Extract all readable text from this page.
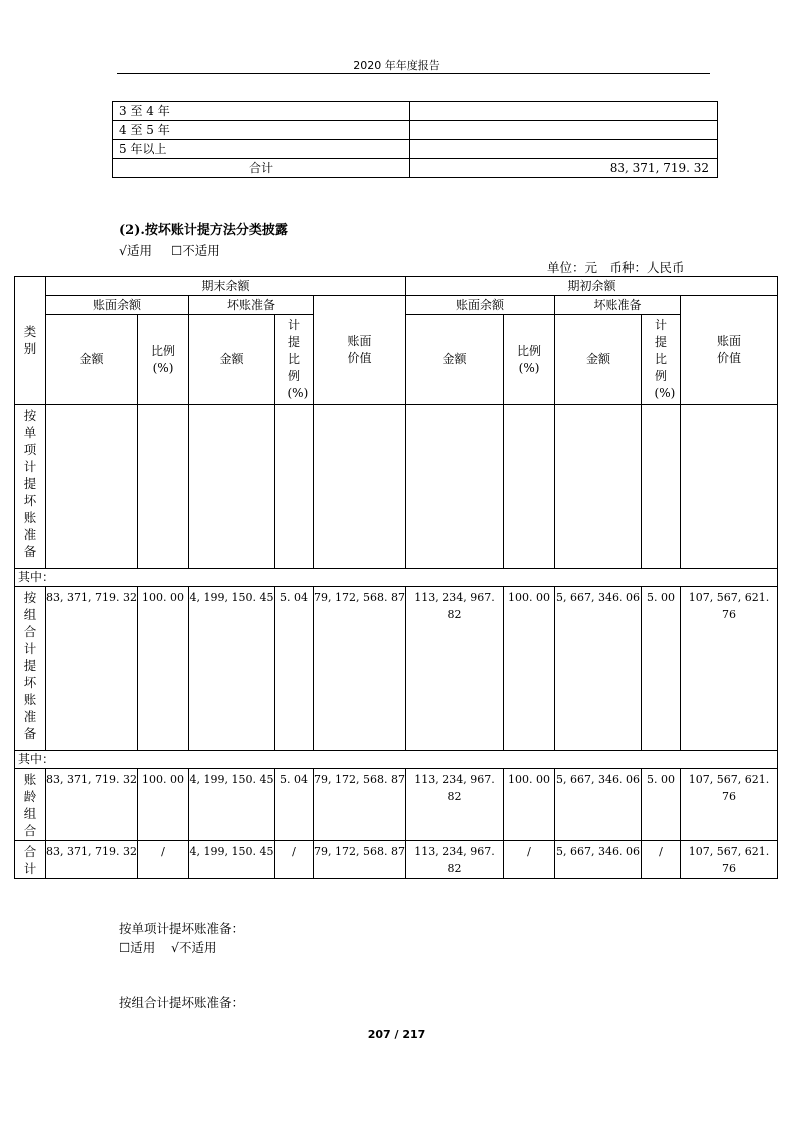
2020 年年度报告
3 至 4 年	
4 至 5 年	
5 年以上	
合计	83, 371, 719. 32
(2).按坏账计提方法分类披露
√适用 ☐不适用
单位：元　币种：人民币
类别	期末余额					期初余额				
	账面余额		坏账准备		账面价值	账面余额		坏账准备		账面价值
	金额	比例(%)	金额	计提比例(%)		金额	比例(%)	金额	计提比例(%)	
按单项计提坏账准备										
其中：										
按组合计提坏账准备	83, 371, 719. 32	100. 00	4, 199, 150. 45	5. 04	79, 172, 568. 87	113, 234, 967. 82	100. 00	5, 667, 346. 06	5. 00	107, 567, 621. 76
其中：										
账龄组合	83, 371, 719. 32	100. 00	4, 199, 150. 45	5. 04	79, 172, 568. 87	113, 234, 967. 82	100. 00	5, 667, 346. 06	5. 00	107, 567, 621. 76
合计	83, 371, 719. 32	/	4, 199, 150. 45	/	79, 172, 568. 87	113, 234, 967. 82	/	5, 667, 346. 06	/	107, 567, 621. 76
按单项计提坏账准备：
☐适用 √不适用
按组合计提坏账准备：
207 / 217
